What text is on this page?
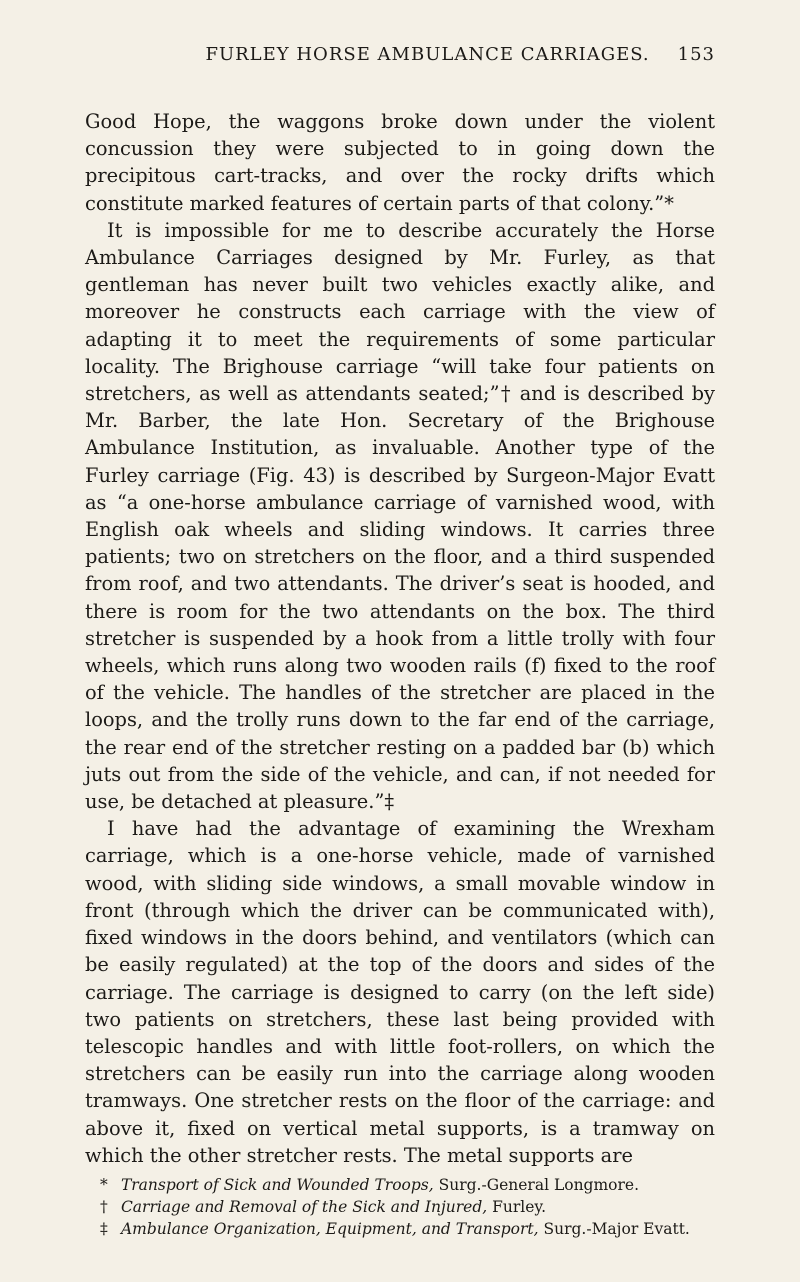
FURLEY HORSE AMBULANCE CARRIAGES. 153

Good Hope, the waggons broke down under the violent concussion they were subjected to in going down the precipitous cart-tracks, and over the rocky drifts which constitute marked features of certain parts of that colony.”*

It is impossible for me to describe accurately the Horse Ambulance Carriages designed by Mr. Furley, as that gentleman has never built two vehicles exactly alike, and moreover he constructs each carriage with the view of adapting it to meet the requirements of some particular locality. The Brighouse carriage “will take four patients on stretchers, as well as attendants seated;”† and is described by Mr. Barber, the late Hon. Secretary of the Brighouse Ambulance Institution, as invaluable. Another type of the Furley carriage (Fig. 43) is described by Surgeon-Major Evatt as “a one-horse ambulance carriage of varnished wood, with English oak wheels and sliding windows. It carries three patients; two on stretchers on the floor, and a third suspended from roof, and two attendants. The driver’s seat is hooded, and there is room for the two attendants on the box. The third stretcher is suspended by a hook from a little trolly with four wheels, which runs along two wooden rails (f) fixed to the roof of the vehicle. The handles of the stretcher are placed in the loops, and the trolly runs down to the far end of the carriage, the rear end of the stretcher resting on a padded bar (b) which juts out from the side of the vehicle, and can, if not needed for use, be detached at pleasure.”‡

I have had the advantage of examining the Wrexham carriage, which is a one-horse vehicle, made of varnished wood, with sliding side windows, a small movable window in front (through which the driver can be communicated with), fixed windows in the doors behind, and ventilators (which can be easily regulated) at the top of the doors and sides of the carriage. The carriage is designed to carry (on the left side) two patients on stretchers, these last being provided with telescopic handles and with little foot-rollers, on which the stretchers can be easily run into the carriage along wooden tramways. One stretcher rests on the floor of the carriage: and above it, fixed on vertical metal supports, is a tramway on which the other stretcher rests. The metal supports are

* Transport of Sick and Wounded Troops, Surg.-General Longmore.
† Carriage and Removal of the Sick and Injured, Furley.
‡ Ambulance Organization, Equipment, and Transport, Surg.-Major Evatt.
